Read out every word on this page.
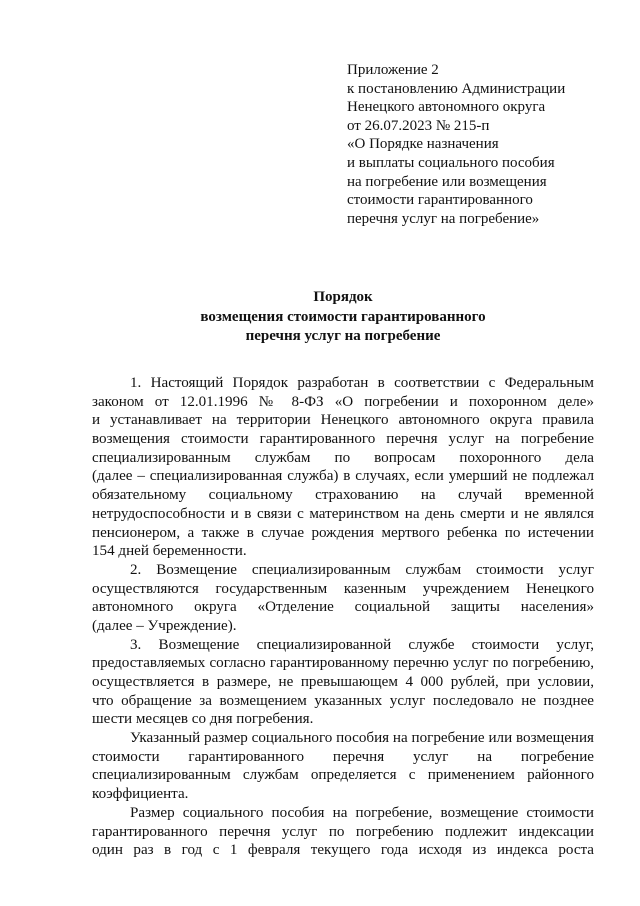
Приложение 2
к постановлению Администрации
Ненецкого автономного округа
от 26.07.2023 № 215-п
«О Порядке назначения
и выплаты социального пособия
на погребение или возмещения
стоимости гарантированного
перечня услуг на погребение»
Порядок
возмещения стоимости гарантированного
перечня услуг на погребение
1. Настоящий Порядок разработан в соответствии с Федеральным
законом от 12.01.1996 № 8-ФЗ «О погребении и похоронном деле»
и устанавливает на территории Ненецкого автономного округа правила
возмещения стоимости гарантированного перечня услуг на погребение
специализированным службам по вопросам похоронного дела
(далее – специализированная служба) в случаях, если умерший не подлежал
обязательному социальному страхованию на случай временной
нетрудоспособности и в связи с материнством на день смерти и не являлся
пенсионером, а также в случае рождения мертвого ребенка по истечении
154 дней беременности.
2. Возмещение специализированным службам стоимости услуг
осуществляются государственным казенным учреждением Ненецкого
автономного округа «Отделение социальной защиты населения»
(далее – Учреждение).
3. Возмещение специализированной службе стоимости услуг,
предоставляемых согласно гарантированному перечню услуг по погребению,
осуществляется в размере, не превышающем 4 000 рублей, при условии,
что обращение за возмещением указанных услуг последовало не позднее
шести месяцев со дня погребения.
Указанный размер социального пособия на погребение или возмещения
стоимости гарантированного перечня услуг на погребение
специализированным службам определяется с применением районного
коэффициента.
Размер социального пособия на погребение, возмещение стоимости
гарантированного перечня услуг по погребению подлежит индексации
один раз в год с 1 февраля текущего года исходя из индекса роста
